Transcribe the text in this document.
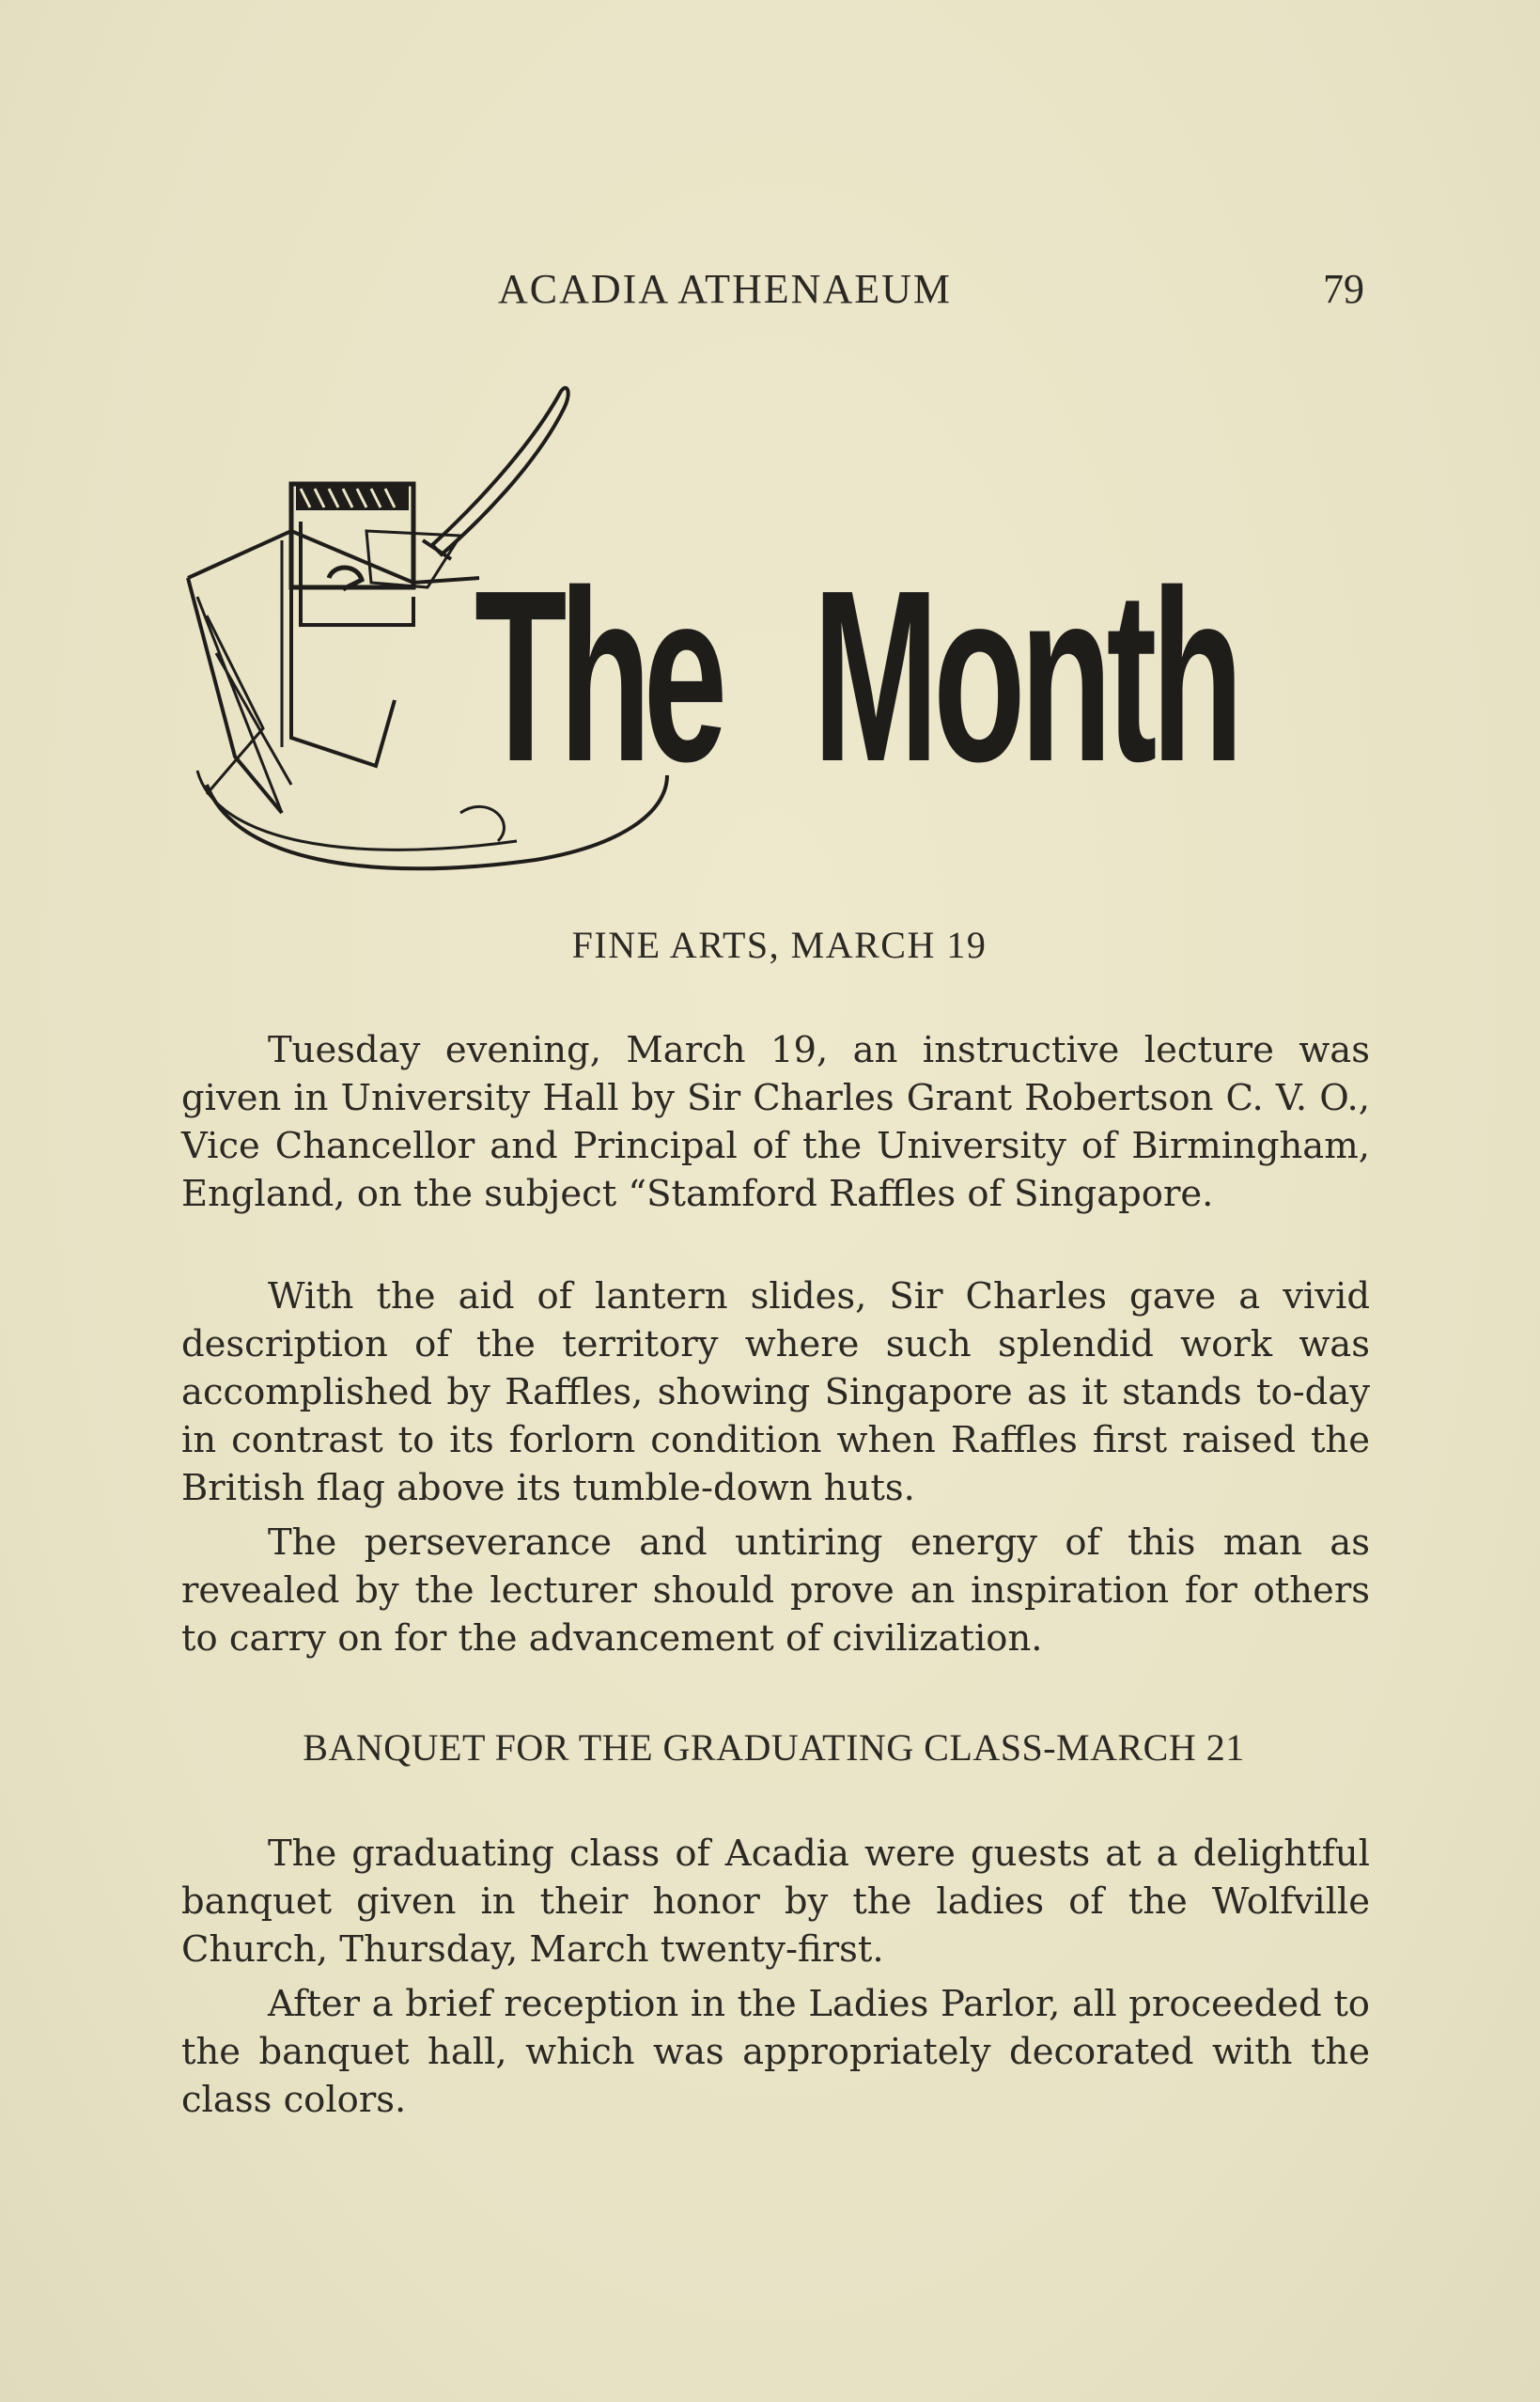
ACADIA ATHENAEUM	79
The Month
FINE ARTS, MARCH 19

Tuesday evening, March 19, an instructive lecture was given in University Hall by Sir Charles Grant Robertson C. V. O., Vice Chancellor and Principal of the University of Birmingham, England, on the subject “Stamford Raffles of Singapore.

With the aid of lantern slides, Sir Charles gave a vivid description of the territory where such splendid work was accomplished by Raffles, showing Singapore as it stands to-day in contrast to its forlorn condition when Raffles first raised the British flag above its tumble-down huts.

The perseverance and untiring energy of this man as revealed by the lecturer should prove an inspiration for others to carry on for the advancement of civilization.

BANQUET FOR THE GRADUATING CLASS-MARCH 21

The graduating class of Acadia were guests at a delightful banquet given in their honor by the ladies of the Wolfville Church, Thursday, March twenty-first.

After a brief reception in the Ladies Parlor, all proceeded to the banquet hall, which was appropriately decorated with the class colors.
